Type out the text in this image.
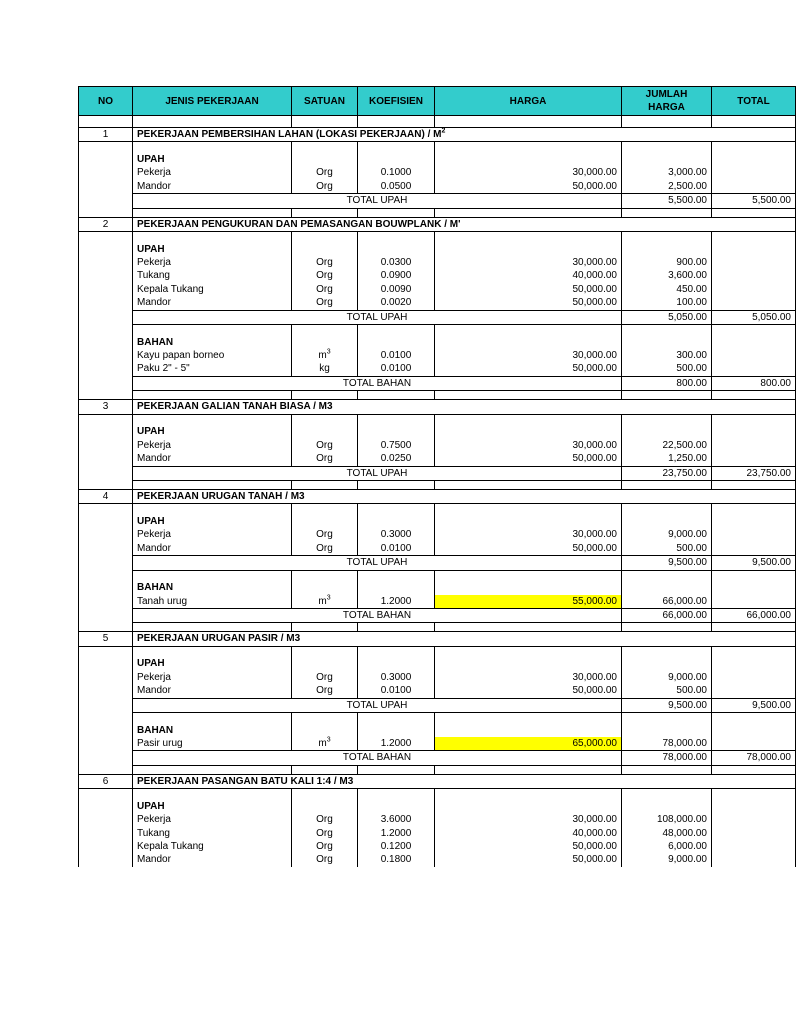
NO	JENIS PEKERJAAN	SATUAN	KOEFISIEN	HARGA	JUMLAH HARGA	TOTAL

1	PEKERJAAN PEMBERSIHAN LAHAN (LOKASI PEKERJAAN) / $M^2$
	UPAH					
	Pekerja	Org	0.1000	30,000.00	3,000.00	
	Mandor	Org	0.0500	50,000.00	2,500.00	
	TOTAL UPAH				5,500.00	5,500.00

2	PEKERJAAN PENGUKURAN DAN PEMASANGAN BOUWPLANK / M'					
	UPAH					
	Pekerja	Org	0.0300	30,000.00	900.00	
	Tukang	Org	0.0900	40,000.00	3,600.00	
	Kepala Tukang	Org	0.0090	50,000.00	450.00	
	Mandor	Org	0.0020	50,000.00	100.00	
	TOTAL UPAH				5,050.00	5,050.00
	BAHAN					
	Kayu papan borneo	$m^3$	0.0100	30,000.00	300.00	
	Paku 2" - 5"	kg	0.0100	50,000.00	500.00	
	TOTAL BAHAN				800.00	800.00

3	PEKERJAAN GALIAN TANAH BIASA / M3					
	UPAH					
	Pekerja	Org	0.7500	30,000.00	22,500.00	
	Mandor	Org	0.0250	50,000.00	1,250.00	
	TOTAL UPAH				23,750.00	23,750.00

4	PEKERJAAN URUGAN TANAH / M3					
	UPAH					
	Pekerja	Org	0.3000	30,000.00	9,000.00	
	Mandor	Org	0.0100	50,000.00	500.00	
	TOTAL UPAH				9,500.00	9,500.00
	BAHAN					
	Tanah urug	$m^3$	1.2000	55,000.00	66,000.00	
	TOTAL BAHAN				66,000.00	66,000.00

5	PEKERJAAN URUGAN PASIR / M3					
	UPAH					
	Pekerja	Org	0.3000	30,000.00	9,000.00	
	Mandor	Org	0.0100	50,000.00	500.00	
	TOTAL UPAH				9,500.00	9,500.00
	BAHAN					
	Pasir urug	$m^3$	1.2000	65,000.00	78,000.00	
	TOTAL BAHAN				78,000.00	78,000.00

6	PEKERJAAN PASANGAN BATU KALI 1:4 / M3					
	UPAH					
	Pekerja	Org	3.6000	30,000.00	108,000.00	
	Tukang	Org	1.2000	40,000.00	48,000.00	
	Kepala Tukang	Org	0.1200	50,000.00	6,000.00	
	Mandor	Org	0.1800	50,000.00	9,000.00	
